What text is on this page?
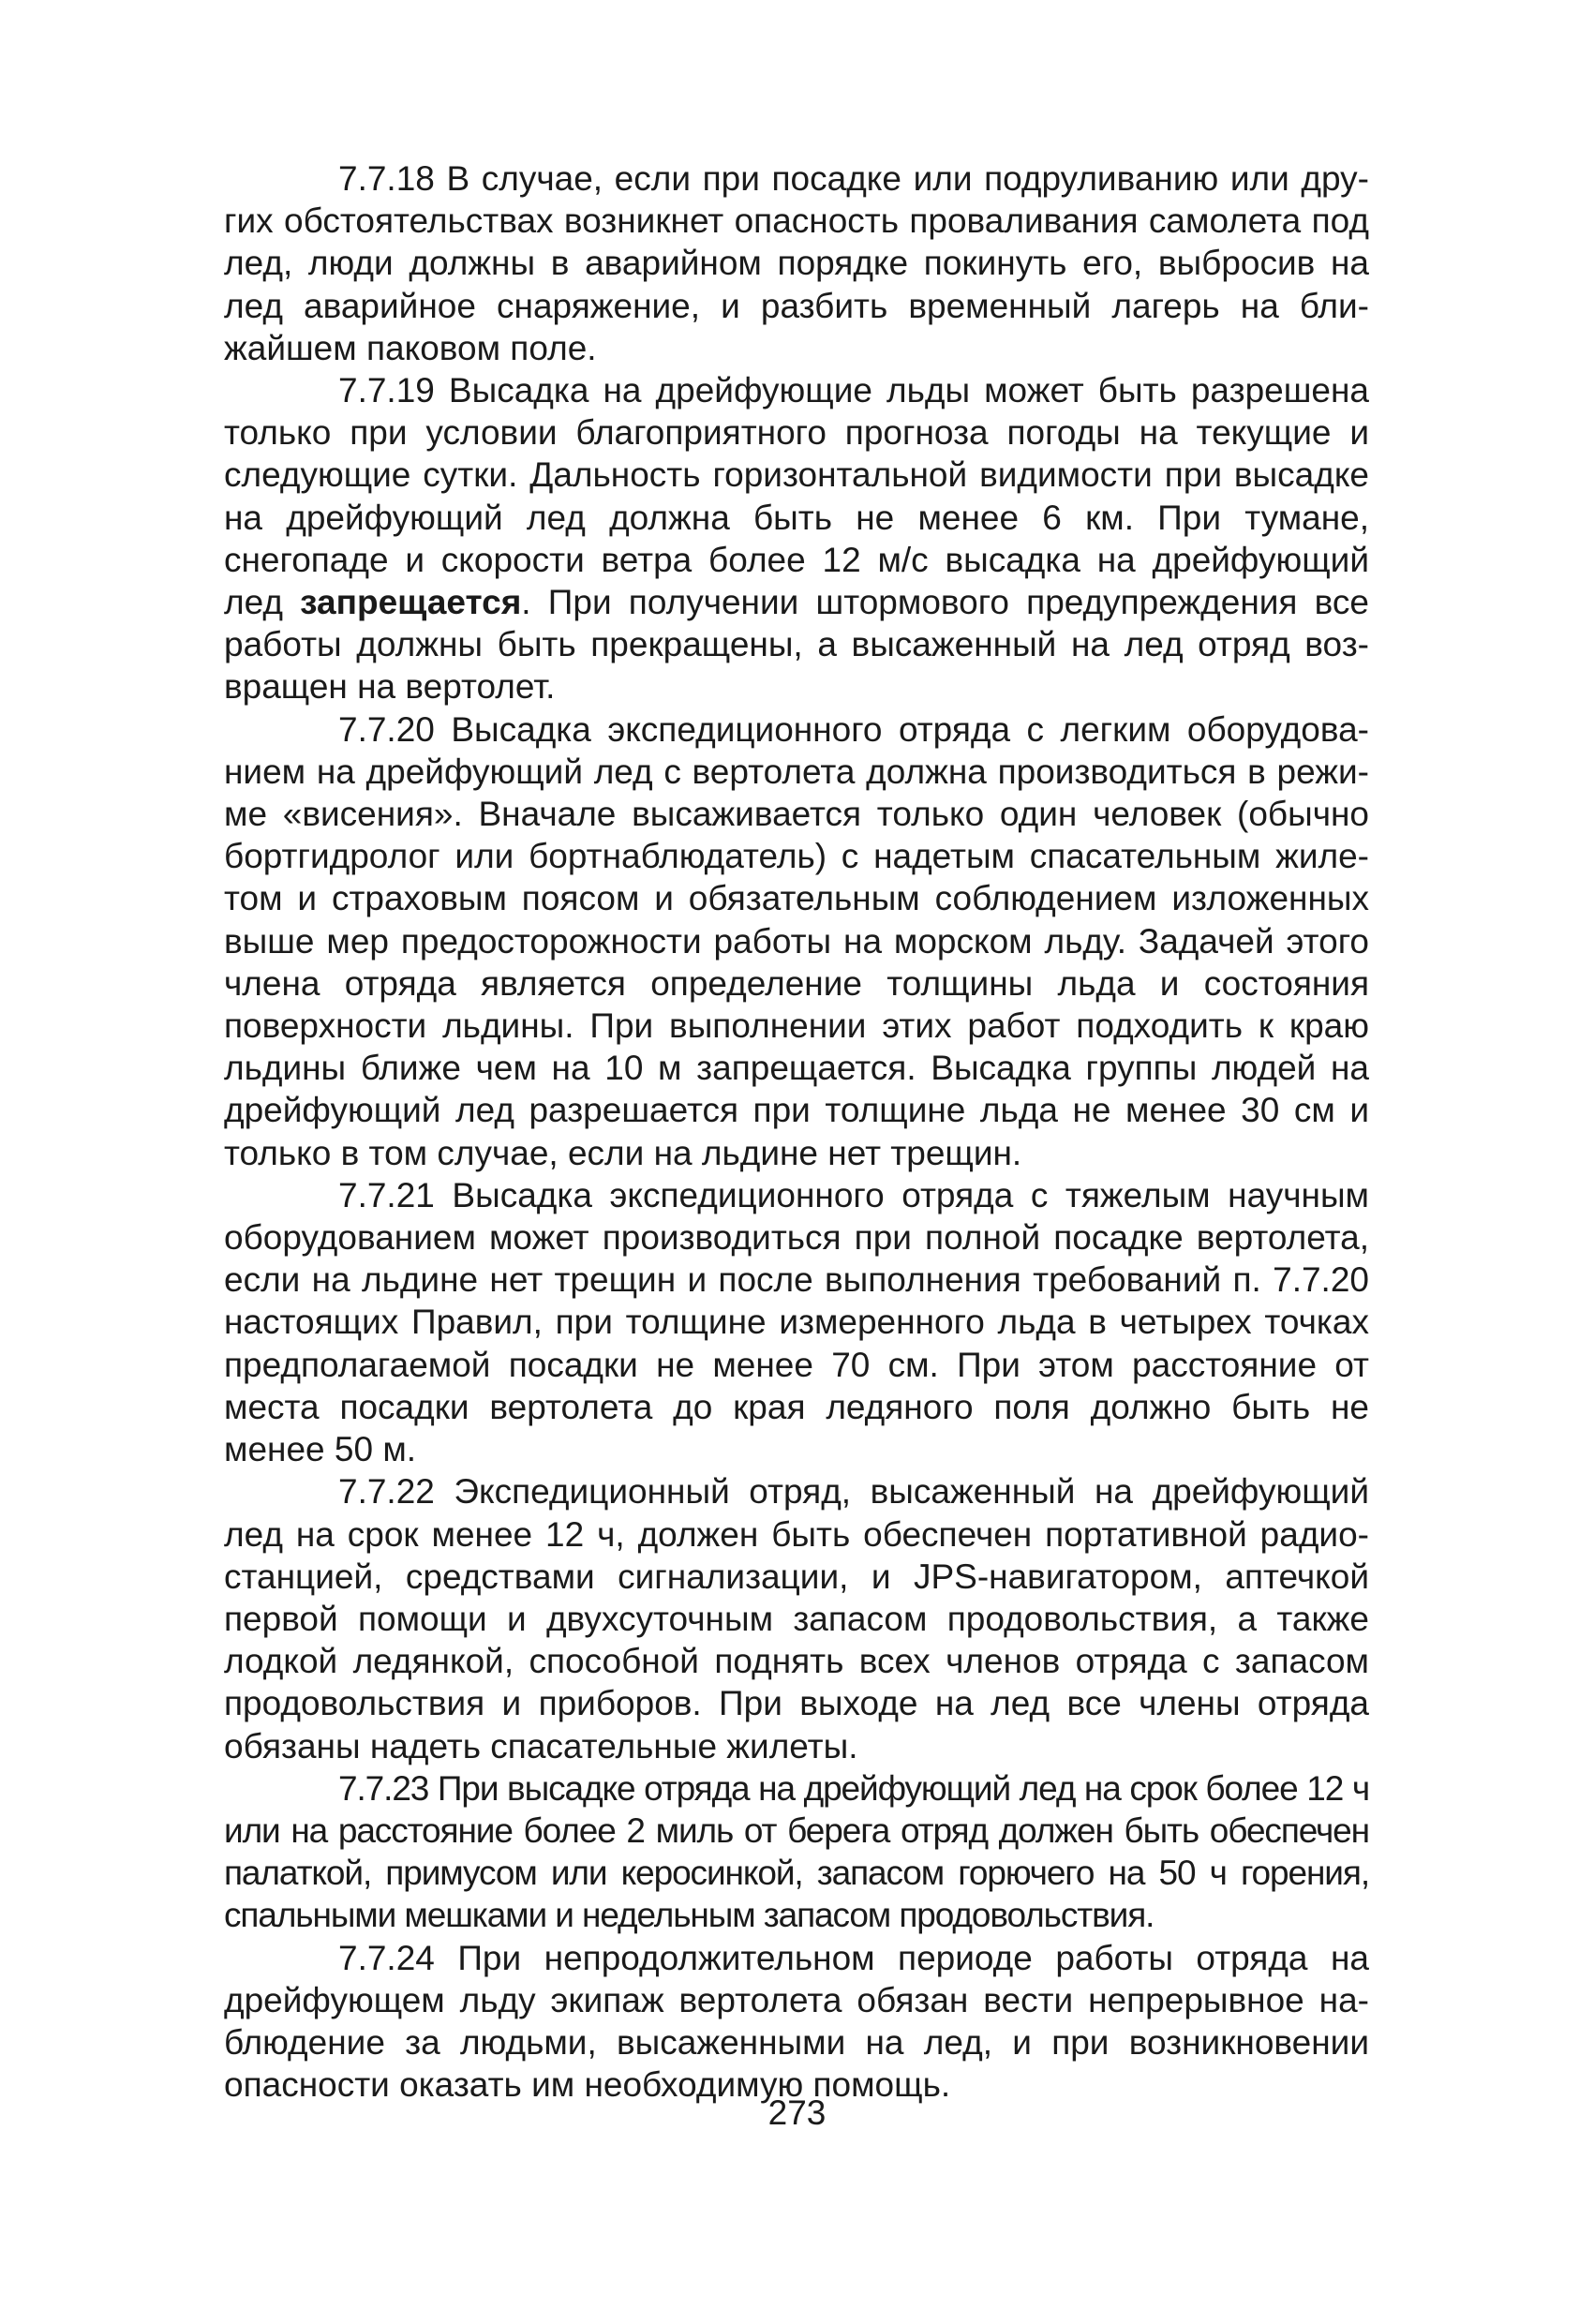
7.7.18 В случае, если при посадке или подруливанию или других обстоятельствах возникнет опасность проваливания самолета под лед, люди должны в аварийном порядке покинуть его, выбросив на лед аварийное снаряжение, и разбить временный лагерь на ближайшем паковом поле.

7.7.19 Высадка на дрейфующие льды может быть разрешена только при условии благоприятного прогноза погоды на текущие и следующие сутки. Дальность горизонтальной видимости при высадке на дрейфующий лед должна быть не менее 6 км. При тумане, снегопаде и скорости ветра более 12 м/с высадка на дрейфующий лед запрещается. При получении штормового предупреждения все работы должны быть прекращены, а высаженный на лед отряд возвращен на вертолет.

7.7.20 Высадка экспедиционного отряда с легким оборудованием на дрейфующий лед с вертолета должна производиться в режиме «висения». Вначале высаживается только один человек (обычно бортгидролог или бортнаблюдатель) с надетым спасательным жилетом и страховым поясом и обязательным соблюдением изложенных выше мер предосторожности работы на морском льду. Задачей этого члена отряда является определение толщины льда и состояния поверхности льдины. При выполнении этих работ подходить к краю льдины ближе чем на 10 м запрещается. Высадка группы людей на дрейфующий лед разрешается при толщине льда не менее 30 см и только в том случае, если на льдине нет трещин.

7.7.21 Высадка экспедиционного отряда с тяжелым научным оборудованием может производиться при полной посадке вертолета, если на льдине нет трещин и после выполнения требований п. 7.7.20 настоящих Правил, при толщине измеренного льда в четырех точках предполагаемой посадки не менее 70 см. При этом расстояние от места посадки вертолета до края ледяного поля должно быть не менее 50 м.

7.7.22 Экспедиционный отряд, высаженный на дрейфующий лед на срок менее 12 ч, должен быть обеспечен портативной радиостанцией, средствами сигнализации, и JPS-навигатором, аптечкой первой помощи и двухсуточным запасом продовольствия, а также лодкой ледянкой, способной поднять всех членов отряда с запасом продовольствия и приборов. При выходе на лед все члены отряда обязаны надеть спасательные жилеты.

7.7.23 При высадке отряда на дрейфующий лед на срок более 12 ч или на расстояние более 2 миль от берега отряд должен быть обеспечен палаткой, примусом или керосинкой, запасом горючего на 50 ч горения, спальными мешками и недельным запасом продовольствия.

7.7.24 При непродолжительном периоде работы отряда на дрейфующем льду экипаж вертолета обязан вести непрерывное наблюдение за людьми, высаженными на лед, и при возникновении опасности оказать им необходимую помощь.

273
